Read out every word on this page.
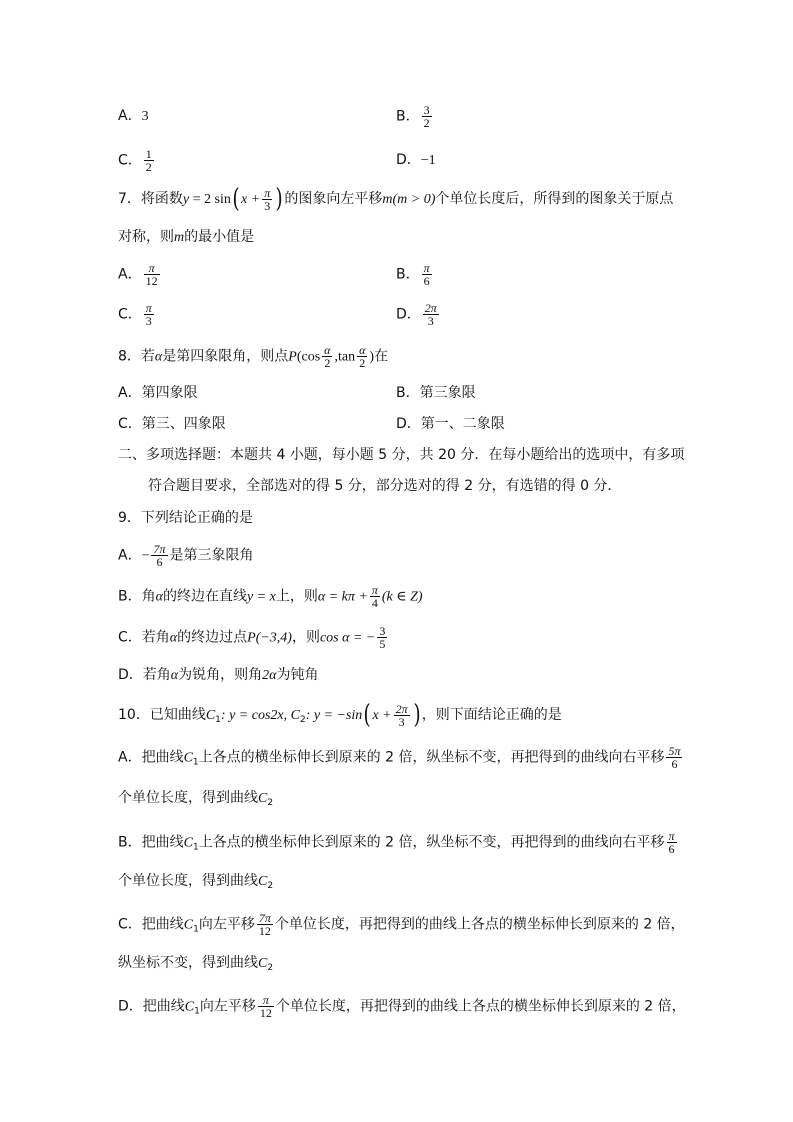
A．3	B． $\frac{3}{2}$
C． $\frac{1}{2}$	D．−1
7．将函数y = 2 sin( $x + \frac{\pi}{3}$ ) 的图象向左平移m(m > 0)个单位长度后，所得到的图象关于原点
对称，则m的最小值是
A． $\frac{\pi}{12}$	B． $\frac{\pi}{6}$
C． $\frac{\pi}{3}$	D． $\frac{2\pi}{3}$
8．若α是第四象限角，则点$P(\cos \frac{\alpha}{2} ,\tan \frac{\alpha}{2}$ )在
A．第四象限	B．第三象限
C．第三、四象限	D．第一、二象限
二、多项选择题：本题共 4 小题，每小题 5 分，共 20 分．在每小题给出的选项中，有多项
符合题目要求，全部选对的得 5 分，部分选对的得 2 分，有选错的得 0 分．
9．下列结论正确的是
A．− $\frac{7\pi}{6}$ 是第三象限角
B．角α的终边在直线y = x上，则$\alpha = k\pi + \frac{\pi}{4} (k$ ∈ Z)
C．若角α的终边过点P(−3,4)，则cos α = − $\frac{3}{5}$
D．若角α为锐角，则角2α为钝角
10．已知曲线$C_1$: y = cos2x, $C_2$: y = −sin( $x + \frac{2\pi}{3}$ ) ，则下面结论正确的是
A．把曲线$C_1$上各点的横坐标伸长到原来的 2 倍，纵坐标不变，再把得到的曲线向右平移 $\frac{5\pi}{6}$
个单位长度，得到曲线$C_2$
B．把曲线$C_1$上各点的横坐标伸长到原来的 2 倍，纵坐标不变，再把得到的曲线向右平移 $\frac{\pi}{6}$
个单位长度，得到曲线$C_2$
C．把曲线$C_1$向左平移 $\frac{7\pi}{12}$ 个单位长度，再把得到的曲线上各点的横坐标伸长到原来的 2 倍，
纵坐标不变，得到曲线$C_2$
D．把曲线$C_1$向左平移 $\frac{\pi}{12}$ 个单位长度，再把得到的曲线上各点的横坐标伸长到原来的 2 倍，
